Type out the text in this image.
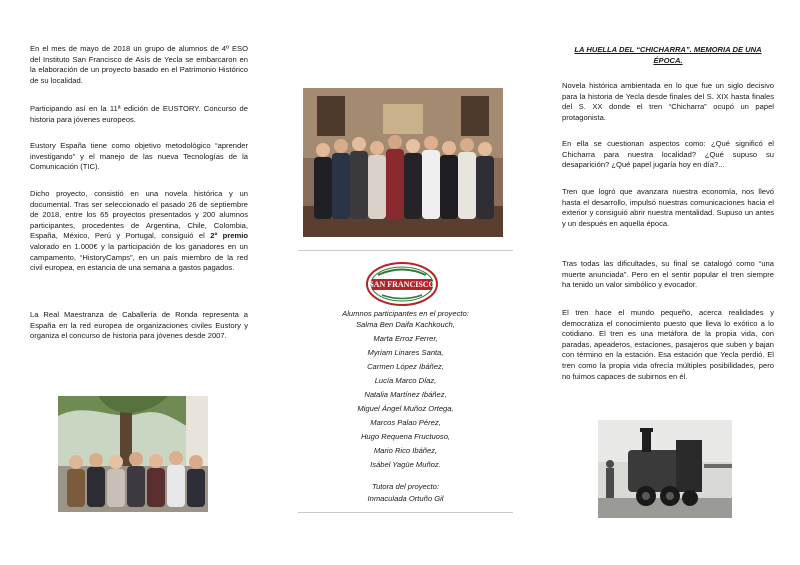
En el mes de mayo de 2018 un grupo de alumnos de 4º ESO del Instituto San Francisco de Asís de Yecla se embarcaron en la elaboración de un proyecto basado en el Patrimonio Histórico de su localidad.

Participando así en la 11ª edición de EUSTORY. Concurso de historia para jóvenes europeos.

Eustory España tiene como objetivo metodológico “aprender investigando” y el manejo de las nueva Tecnologías de la Comunicación (TIC).

Dicho proyecto, consistió en una novela histórica y un documental. Tras ser seleccionado el pasado 26 de septiembre de 2018, entre los 65 proyectos presentados y 200 alumnos participantes, procedentes de Argentina, Chile, Colombia, España, México, Perú y Portugal, consiguió el 2º premio valorado en 1.000€ y la participación de los ganadores en un campamento, “HistoryCamps”, en un país miembro de la red civil europea, en estancia de una semana a gastos pagados.

La Real Maestranza de Caballería de Ronda representa a España en la red europea de organizaciones civiles Eustory y organiza el concurso de historia para jóvenes desde 2007.

SAN FRANCISCO

Alumnos participantes en el proyecto:

Salma Ben Daifa Kachkouch,

Marta Erroz Ferrer,

Myriam Linares Santa,

Carmen López Ibáñez,

Lucía Marco Díaz,

Natalia Martínez Ibáñez,

Miguel Ángel Muñoz Ortega,

Marcos Palao Pérez,

Hugo Requena Fructuoso,

Mario Rico Ibáñez,

Isábel Yagüe Muñoz.

Tutora del proyecto:

Inmaculada Ortuño Gil

LA HUELLA DEL “CHICHARRA”. MEMORIA DE UNA ÉPOCA.

Novela histórica ambientada en lo que fue un siglo decisivo para la historia de Yecla desde finales del S. XIX hasta finales del S. XX donde el tren “Chicharra” ocupó un papel protagonista.

En ella se cuestionan aspectos como: ¿Qué significó el Chicharra para nuestra localidad? ¿Qué supuso su desaparición? ¿Qué papel jugaría hoy en día?...

Tren que logró que avanzara nuestra economía, nos llevó hasta el desarrollo, impulsó nuestras comunicaciones hacia el exterior y consiguió abrir nuestra mentalidad. Supuso un antes y un después en aquella época.

Tras todas las dificultades, su final se catalogó como “una muerte anunciada”. Pero en el sentir popular el tren siempre ha tenido un valor simbólico y evocador.

El tren hace el mundo pequeño, acerca realidades y democratiza el conocimiento puesto que lleva lo exótico a lo cotidiano. El tren es una metáfora de la propia vida, con paradas, apeaderos, estaciones, pasajeros que suben y bajan con término en la estación. Esa estación que Yecla perdió. El tren como la propia vida ofrecía múltiples posibilidades, pero no fuimos capaces de subirnos en él.
